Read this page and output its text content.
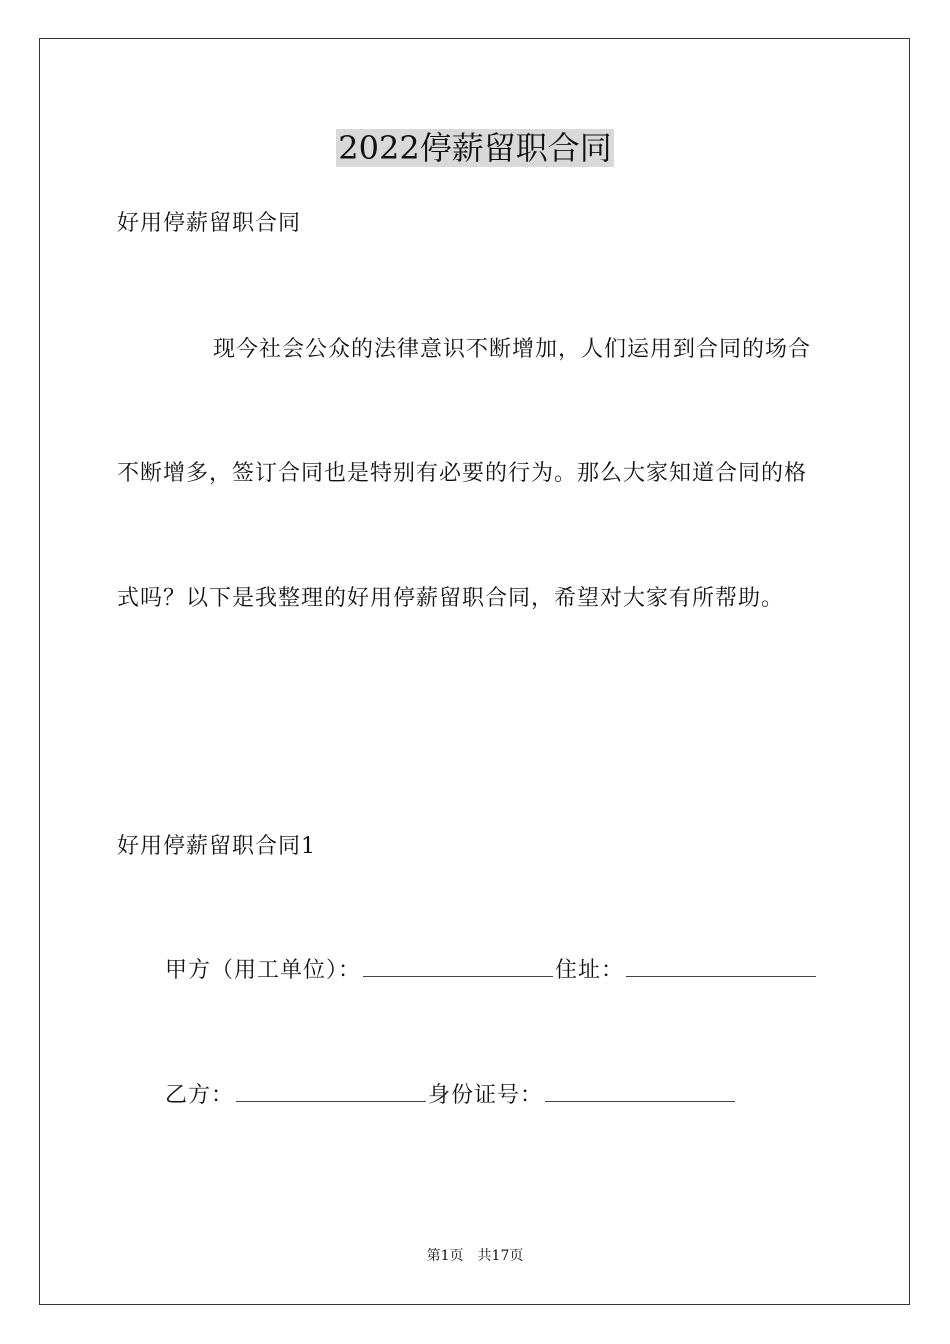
2022停薪留职合同
好用停薪留职合同
现今社会公众的法律意识不断增加，人们运用到合同的场合
不断增多，签订合同也是特别有必要的行为。那么大家知道合同的格
式吗？以下是我整理的好用停薪留职合同，希望对大家有所帮助。
好用停薪留职合同1
甲方（用工单位）：	住址：
乙方：	身份证号：
第1页 共17页
